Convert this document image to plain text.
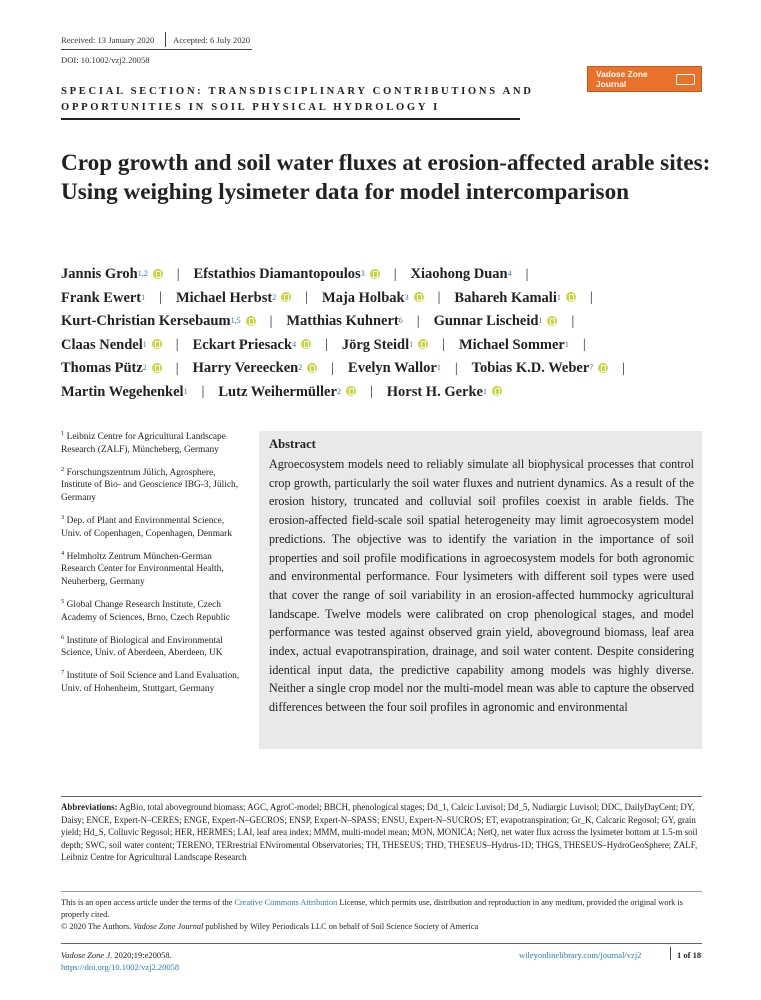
Received: 13 January 2020 Accepted: 6 July 2020
DOI: 10.1002/vzj2.20058
Vadose Zone Journal
SPECIAL SECTION: TRANSDISCIPLINARY CONTRIBUTIONS AND
OPPORTUNITIES IN SOIL PHYSICAL HYDROLOGY I
Crop growth and soil water fluxes at erosion-affected arable sites: Using weighing lysimeter data for model intercomparison
Jannis Groh$^{1,2}$ | Efstathios Diamantopoulos$^3$ | Xiaohong Duan$^4$ |
Frank Ewert$^1$ | Michael Herbst$^2$ | Maja Holbak$^3$ | Bahareh Kamali$^1$ |
Kurt-Christian Kersebaum$^{1,5}$ | Matthias Kuhnert$^6$ | Gunnar Lischeid$^1$ |
Claas Nendel$^1$ | Eckart Priesack$^4$ | Jörg Steidl$^1$ | Michael Sommer$^1$ |
Thomas Pütz$^2$ | Harry Vereecken$^2$ | Evelyn Wallor$^1$ | Tobias K.D. Weber$^7$ |
Martin Wegehenkel$^1$ | Lutz Weihermüller$^2$ | Horst H. Gerke$^1$
$^1$ Leibniz Centre for Agricultural Landscape Research (ZALF), Müncheberg, Germany
$^2$ Forschungszentrum Jülich, Agrosphere, Institute of Bio- and Geoscience IBG-3, Jülich, Germany
$^3$ Dep. of Plant and Environmental Science, Univ. of Copenhagen, Copenhagen, Denmark
$^4$ Helmholtz Zentrum München-German Research Center for Environmental Health, Neuherberg, Germany
$^5$ Global Change Research Institute, Czech Academy of Sciences, Brno, Czech Republic
$^6$ Institute of Biological and Environmental Science, Univ. of Aberdeen, Aberdeen, UK
$^7$ Institute of Soil Science and Land Evaluation, Univ. of Hohenheim, Stuttgart, Germany
Abstract
Agroecosystem models need to reliably simulate all biophysical processes that control crop growth, particularly the soil water fluxes and nutrient dynamics. As a result of the erosion history, truncated and colluvial soil profiles coexist in arable fields. The erosion-affected field-scale soil spatial heterogeneity may limit agroecosystem model predictions. The objective was to identify the variation in the importance of soil properties and soil profile modifications in agroecosystem models for both agronomic and environmental performance. Four lysimeters with different soil types were used that cover the range of soil variability in an erosion-affected hummocky agricultural landscape. Twelve models were calibrated on crop phenological stages, and model performance was tested against observed grain yield, aboveground biomass, leaf area index, actual evapotranspiration, drainage, and soil water content. Despite considering identical input data, the predictive capability among models was highly diverse. Neither a single crop model nor the multi-model mean was able to capture the observed differences between the four soil profiles in agronomic and environmental
Abbreviations: AgBio, total aboveground biomass; AGC, AgroC-model; BBCH, phenological stages; Dd_1, Calcic Luvisol; Dd_5, Nudiargic Luvisol; DDC, DailyDayCent; DY, Daisy; ENCE, Expert-N–CERES; ENGE, Expert-N–GECROS; ENSP, Expert-N–SPASS; ENSU, Expert-N–SUCROS; ET, evapotranspiration; Gr_K, Calcaric Regosol; GY, grain yield; Hd_S, Colluvic Regosol; HER, HERMES; LAI, leaf area index; MMM, multi-model mean; MON, MONICA; NetQ, net water flux across the lysimeter bottom at 1.5-m soil depth; SWC, soil water content; TERENO, TERrestrial ENviromental Observatories; TH, THESEUS; THD, THESEUS–Hydrus-1D; THGS, THESEUS–HydroGeoSphere; ZALF, Leibniz Centre for Agricultural Landscape Research
This is an open access article under the terms of the Creative Commons Attribution License, which permits use, distribution and reproduction in any medium, provided the original work is properly cited.
© 2020 The Authors. Vadose Zone Journal published by Wiley Periodicals LLC on behalf of Soil Science Society of America
Vadose Zone J. 2020;19:e20058.
https://doi.org/10.1002/vzj2.20058
wileyonlinelibrary.com/journal/vzj2	1 of 18
